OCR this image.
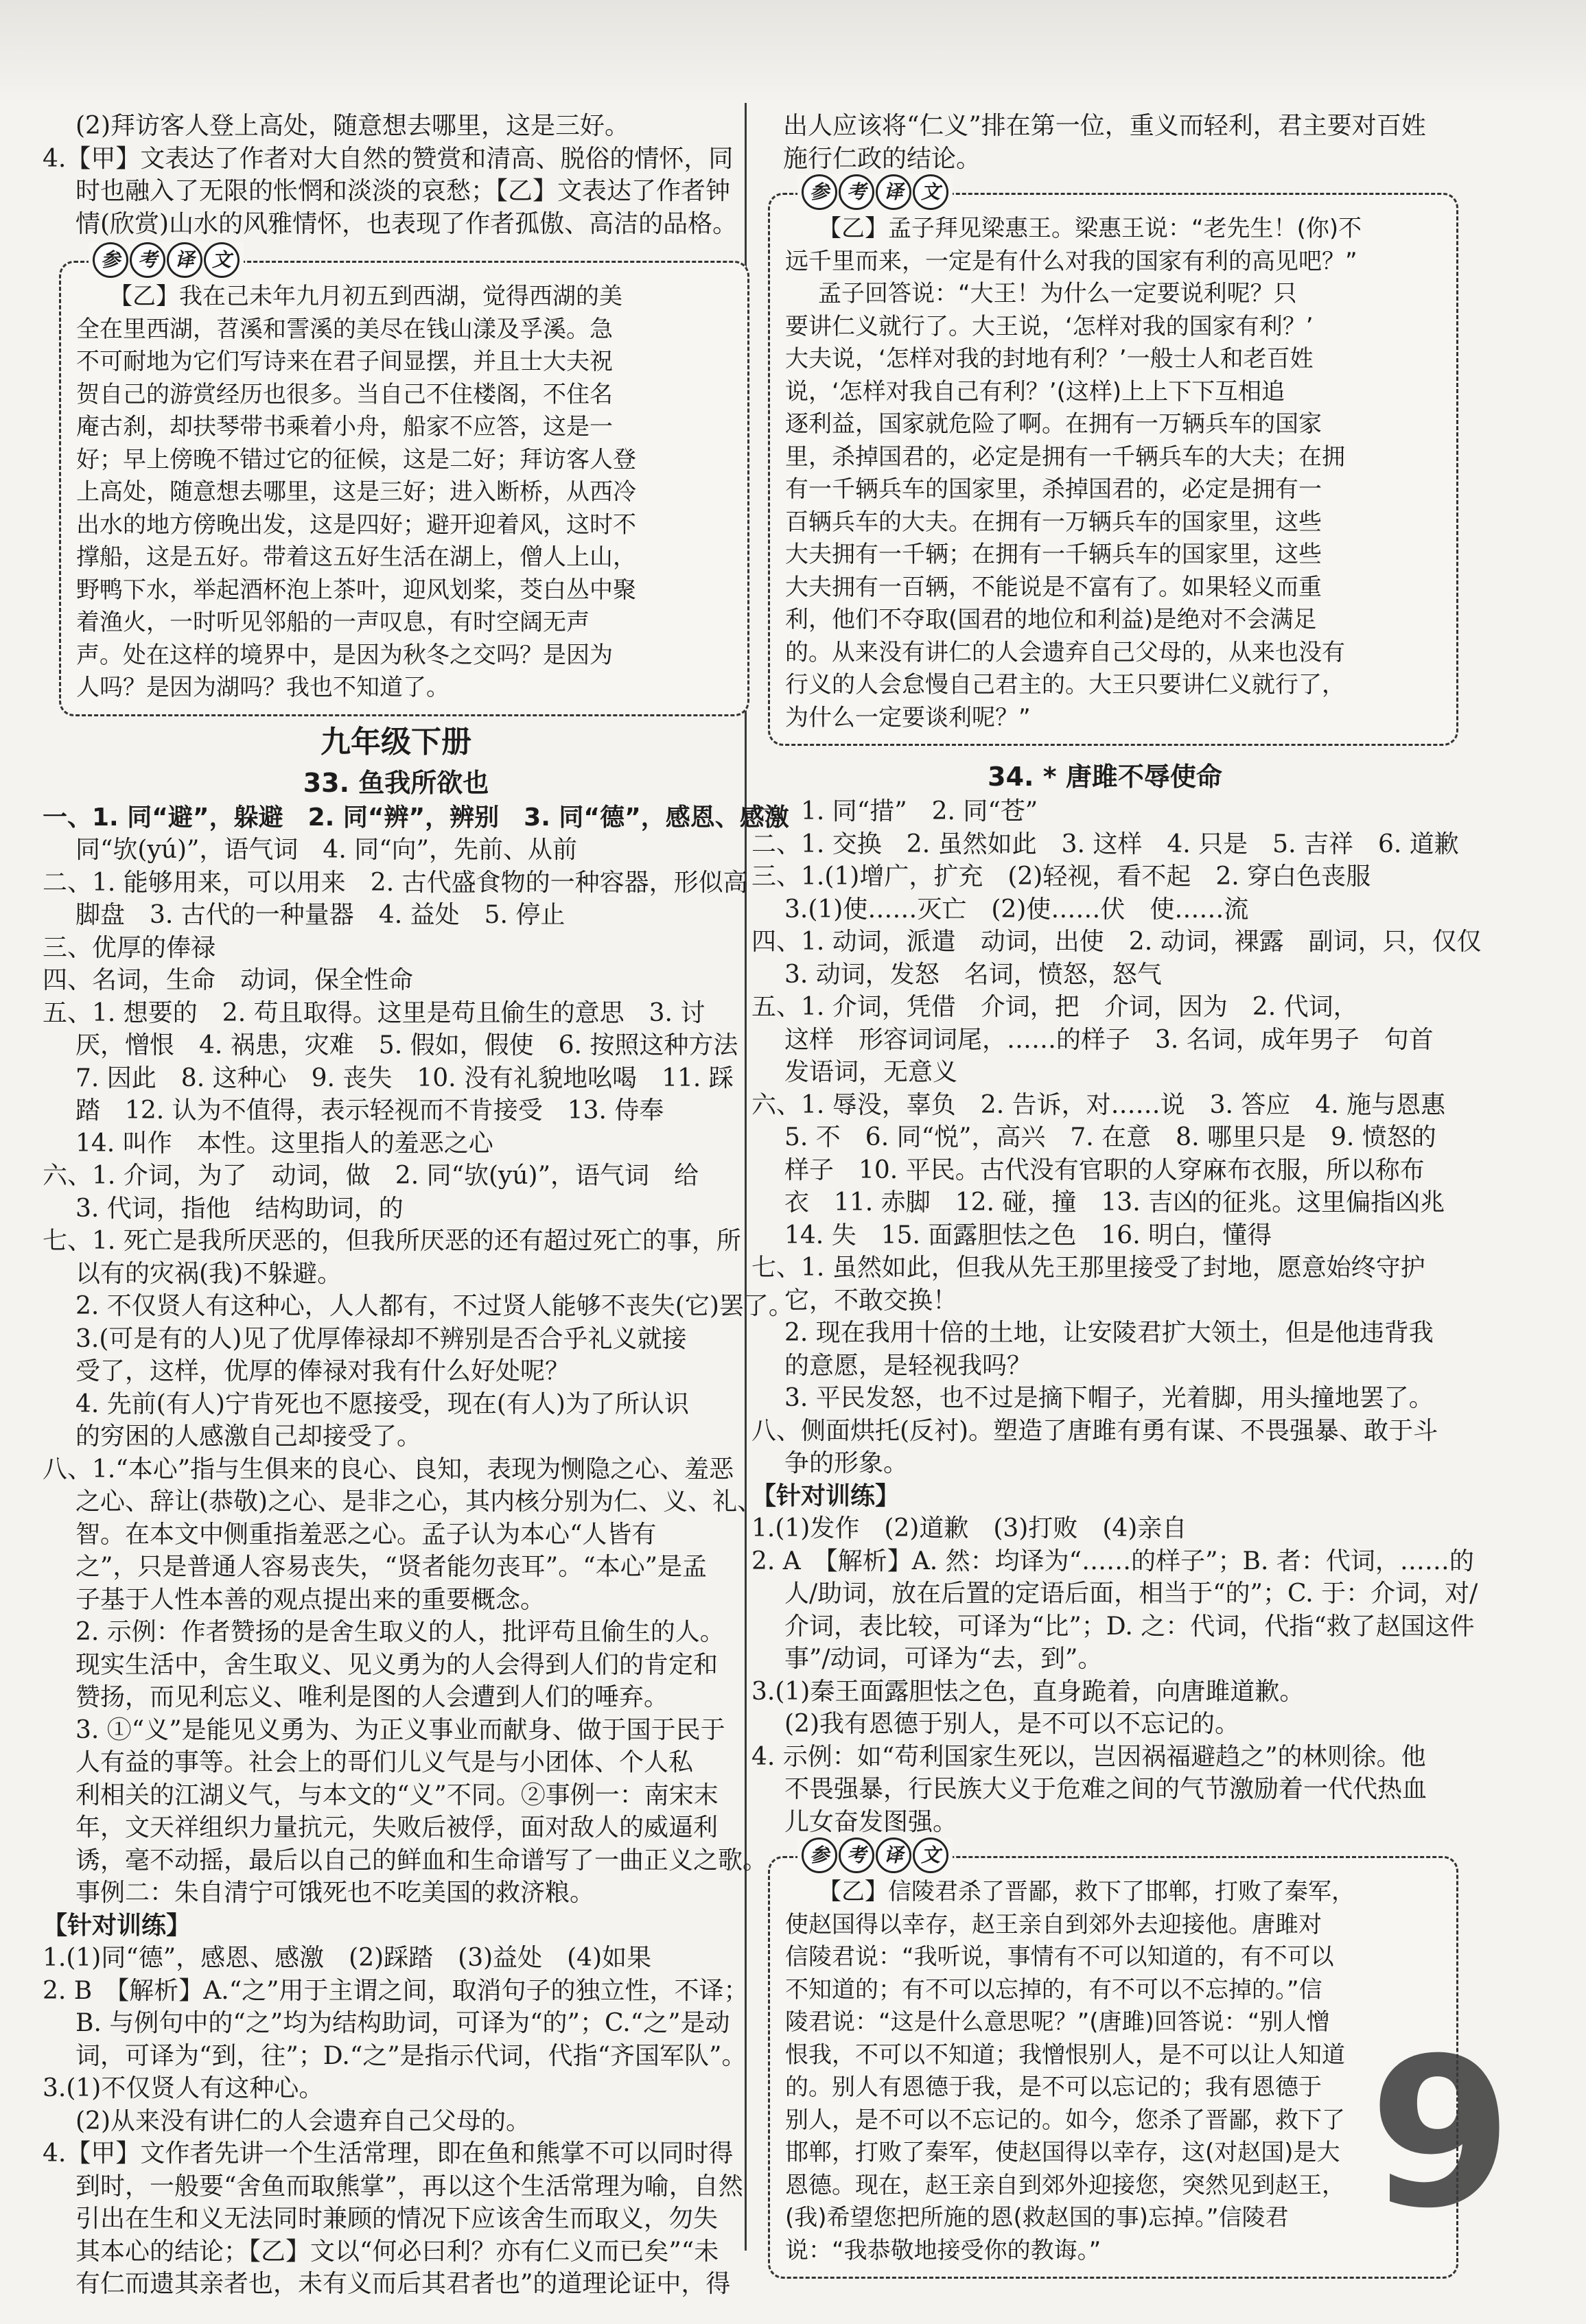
(2)拜访客人登上高处，随意想去哪里，这是三好。

4.【甲】文表达了作者对大自然的赞赏和清高、脱俗的情怀，同

时也融入了无限的怅惘和淡淡的哀愁；【乙】文表达了作者钟

情(欣赏)山水的风雅情怀，也表现了作者孤傲、高洁的品格。

参 考 译 文

【乙】我在己未年九月初五到西湖，觉得西湖的美

全在里西湖，苕溪和霅溪的美尽在钱山漾及孚溪。急

不可耐地为它们写诗来在君子间显摆，并且士大夫祝

贺自己的游赏经历也很多。当自己不住楼阁，不住名

庵古刹，却扶琴带书乘着小舟，船家不应答，这是一

好；早上傍晚不错过它的征候，这是二好；拜访客人登

上高处，随意想去哪里，这是三好；进入断桥，从西冷

出水的地方傍晚出发，这是四好；避开迎着风，这时不

撑船，这是五好。带着这五好生活在湖上，僧人上山，

野鸭下水，举起酒杯泡上茶叶，迎风划桨，茭白丛中聚

着渔火，一时听见邻船的一声叹息，有时空阔无声

声。处在这样的境界中，是因为秋冬之交吗？是因为

人吗？是因为湖吗？我也不知道了。

九年级下册
33. 鱼我所欲也

一、1. 同“避”，躲避　2. 同“辨”，辨别　3. 同“德”，感恩、感激

同“欤(yú)”，语气词　4. 同“向”，先前、从前

二、1. 能够用来，可以用来　2. 古代盛食物的一种容器，形似高

脚盘　3. 古代的一种量器　4. 益处　5. 停止

三、优厚的俸禄

四、名词，生命　动词，保全性命

五、1. 想要的　2. 苟且取得。这里是苟且偷生的意思　3. 讨

厌，憎恨　4. 祸患，灾难　5. 假如，假使　6. 按照这种方法

7. 因此　8. 这种心　9. 丧失　10. 没有礼貌地吆喝　11. 踩

踏　12. 认为不值得，表示轻视而不肯接受　13. 侍奉

14. 叫作　本性。这里指人的羞恶之心

六、1. 介词，为了　动词，做　2. 同“欤(yú)”，语气词　给

3. 代词，指他　结构助词，的

七、1. 死亡是我所厌恶的，但我所厌恶的还有超过死亡的事，所

以有的灾祸(我)不躲避。

2. 不仅贤人有这种心，人人都有，不过贤人能够不丧失(它)罢了。

3.(可是有的人)见了优厚俸禄却不辨别是否合乎礼义就接

受了，这样，优厚的俸禄对我有什么好处呢？

4. 先前(有人)宁肯死也不愿接受，现在(有人)为了所认识

的穷困的人感激自己却接受了。

八、1.“本心”指与生俱来的良心、良知，表现为恻隐之心、羞恶

之心、辞让(恭敬)之心、是非之心，其内核分别为仁、义、礼、

智。在本文中侧重指羞恶之心。孟子认为本心“人皆有

之”，只是普通人容易丧失，“贤者能勿丧耳”。“本心”是孟

子基于人性本善的观点提出来的重要概念。

2. 示例：作者赞扬的是舍生取义的人，批评苟且偷生的人。

现实生活中，舍生取义、见义勇为的人会得到人们的肯定和

赞扬，而见利忘义、唯利是图的人会遭到人们的唾弃。

3. ①“义”是能见义勇为、为正义事业而献身、做于国于民于

人有益的事等。社会上的哥们儿义气是与小团体、个人私

利相关的江湖义气，与本文的“义”不同。②事例一：南宋末

年，文天祥组织力量抗元，失败后被俘，面对敌人的威逼利

诱，毫不动摇，最后以自己的鲜血和生命谱写了一曲正义之歌。

事例二：朱自清宁可饿死也不吃美国的救济粮。

【针对训练】

1.(1)同“德”，感恩、感激　(2)踩踏　(3)益处　(4)如果

2. B　【解析】A.“之”用于主谓之间，取消句子的独立性，不译；

B. 与例句中的“之”均为结构助词，可译为“的”；C.“之”是动

词，可译为“到，往”；D.“之”是指示代词，代指“齐国军队”。

3.(1)不仅贤人有这种心。

(2)从来没有讲仁的人会遗弃自己父母的。

4.【甲】文作者先讲一个生活常理，即在鱼和熊掌不可以同时得

到时，一般要“舍鱼而取熊掌”，再以这个生活常理为喻，自然

引出在生和义无法同时兼顾的情况下应该舍生而取义，勿失

其本心的结论；【乙】文以“何必曰利？亦有仁义而已矣”“未

有仁而遗其亲者也，未有义而后其君者也”的道理论证中，得

出人应该将“仁义”排在第一位，重义而轻利，君主要对百姓

施行仁政的结论。

参 考 译 文

【乙】孟子拜见梁惠王。梁惠王说：“老先生！(你)不

远千里而来，一定是有什么对我的国家有利的高见吧？”

孟子回答说：“大王！为什么一定要说利呢？只

要讲仁义就行了。大王说，‘怎样对我的国家有利？’

大夫说，‘怎样对我的封地有利？’一般士人和老百姓

说，‘怎样对我自己有利？’(这样)上上下下互相追

逐利益，国家就危险了啊。在拥有一万辆兵车的国家

里，杀掉国君的，必定是拥有一千辆兵车的大夫；在拥

有一千辆兵车的国家里，杀掉国君的，必定是拥有一

百辆兵车的大夫。在拥有一万辆兵车的国家里，这些

大夫拥有一千辆；在拥有一千辆兵车的国家里，这些

大夫拥有一百辆，不能说是不富有了。如果轻义而重

利，他们不夺取(国君的地位和利益)是绝对不会满足

的。从来没有讲仁的人会遗弃自己父母的，从来也没有

行义的人会怠慢自己君主的。大王只要讲仁义就行了，

为什么一定要谈利呢？”

34. * 唐雎不辱使命

一、1. 同“措”　2. 同“苍”

二、1. 交换　2. 虽然如此　3. 这样　4. 只是　5. 吉祥　6. 道歉

三、1.(1)增广，扩充　(2)轻视，看不起　2. 穿白色丧服

3.(1)使……灭亡　(2)使……伏　使……流

四、1. 动词，派遣　动词，出使　2. 动词，裸露　副词，只，仅仅

3. 动词，发怒　名词，愤怒，怒气

五、1. 介词，凭借　介词，把　介词，因为　2. 代词，

这样　形容词词尾，……的样子　3. 名词，成年男子　句首

发语词，无意义

六、1. 辱没，辜负　2. 告诉，对……说　3. 答应　4. 施与恩惠

5. 不　6. 同“悦”，高兴　7. 在意　8. 哪里只是　9. 愤怒的

样子　10. 平民。古代没有官职的人穿麻布衣服，所以称布

衣　11. 赤脚　12. 碰，撞　13. 吉凶的征兆。这里偏指凶兆

14. 失　15. 面露胆怯之色　16. 明白，懂得

七、1. 虽然如此，但我从先王那里接受了封地，愿意始终守护

它，不敢交换！

2. 现在我用十倍的土地，让安陵君扩大领土，但是他违背我

的意愿，是轻视我吗？

3. 平民发怒，也不过是摘下帽子，光着脚，用头撞地罢了。

八、侧面烘托(反衬)。塑造了唐雎有勇有谋、不畏强暴、敢于斗

争的形象。

【针对训练】

1.(1)发作　(2)道歉　(3)打败　(4)亲自

2. A　【解析】A. 然：均译为“……的样子”；B. 者：代词，……的

人/助词，放在后置的定语后面，相当于“的”；C. 于：介词，对/

介词，表比较，可译为“比”；D. 之：代词，代指“救了赵国这件

事”/动词，可译为“去，到”。

3.(1)秦王面露胆怯之色，直身跪着，向唐雎道歉。

(2)我有恩德于别人，是不可以不忘记的。

4. 示例：如“苟利国家生死以，岂因祸福避趋之”的林则徐。他

不畏强暴，行民族大义于危难之间的气节激励着一代代热血

儿女奋发图强。

参 考 译 文

【乙】信陵君杀了晋鄙，救下了邯郸，打败了秦军，

使赵国得以幸存，赵王亲自到郊外去迎接他。唐雎对

信陵君说：“我听说，事情有不可以知道的，有不可以

不知道的；有不可以忘掉的，有不可以不忘掉的。”信

陵君说：“这是什么意思呢？”(唐雎)回答说：“别人憎

恨我，不可以不知道；我憎恨别人，是不可以让人知道

的。别人有恩德于我，是不可以忘记的；我有恩德于

别人，是不可以不忘记的。如今，您杀了晋鄙，救下了

邯郸，打败了秦军，使赵国得以幸存，这(对赵国)是大

恩德。现在，赵王亲自到郊外迎接您，突然见到赵王，

(我)希望您把所施的恩(救赵国的事)忘掉。”信陵君

说：“我恭敬地接受你的教诲。”	9
